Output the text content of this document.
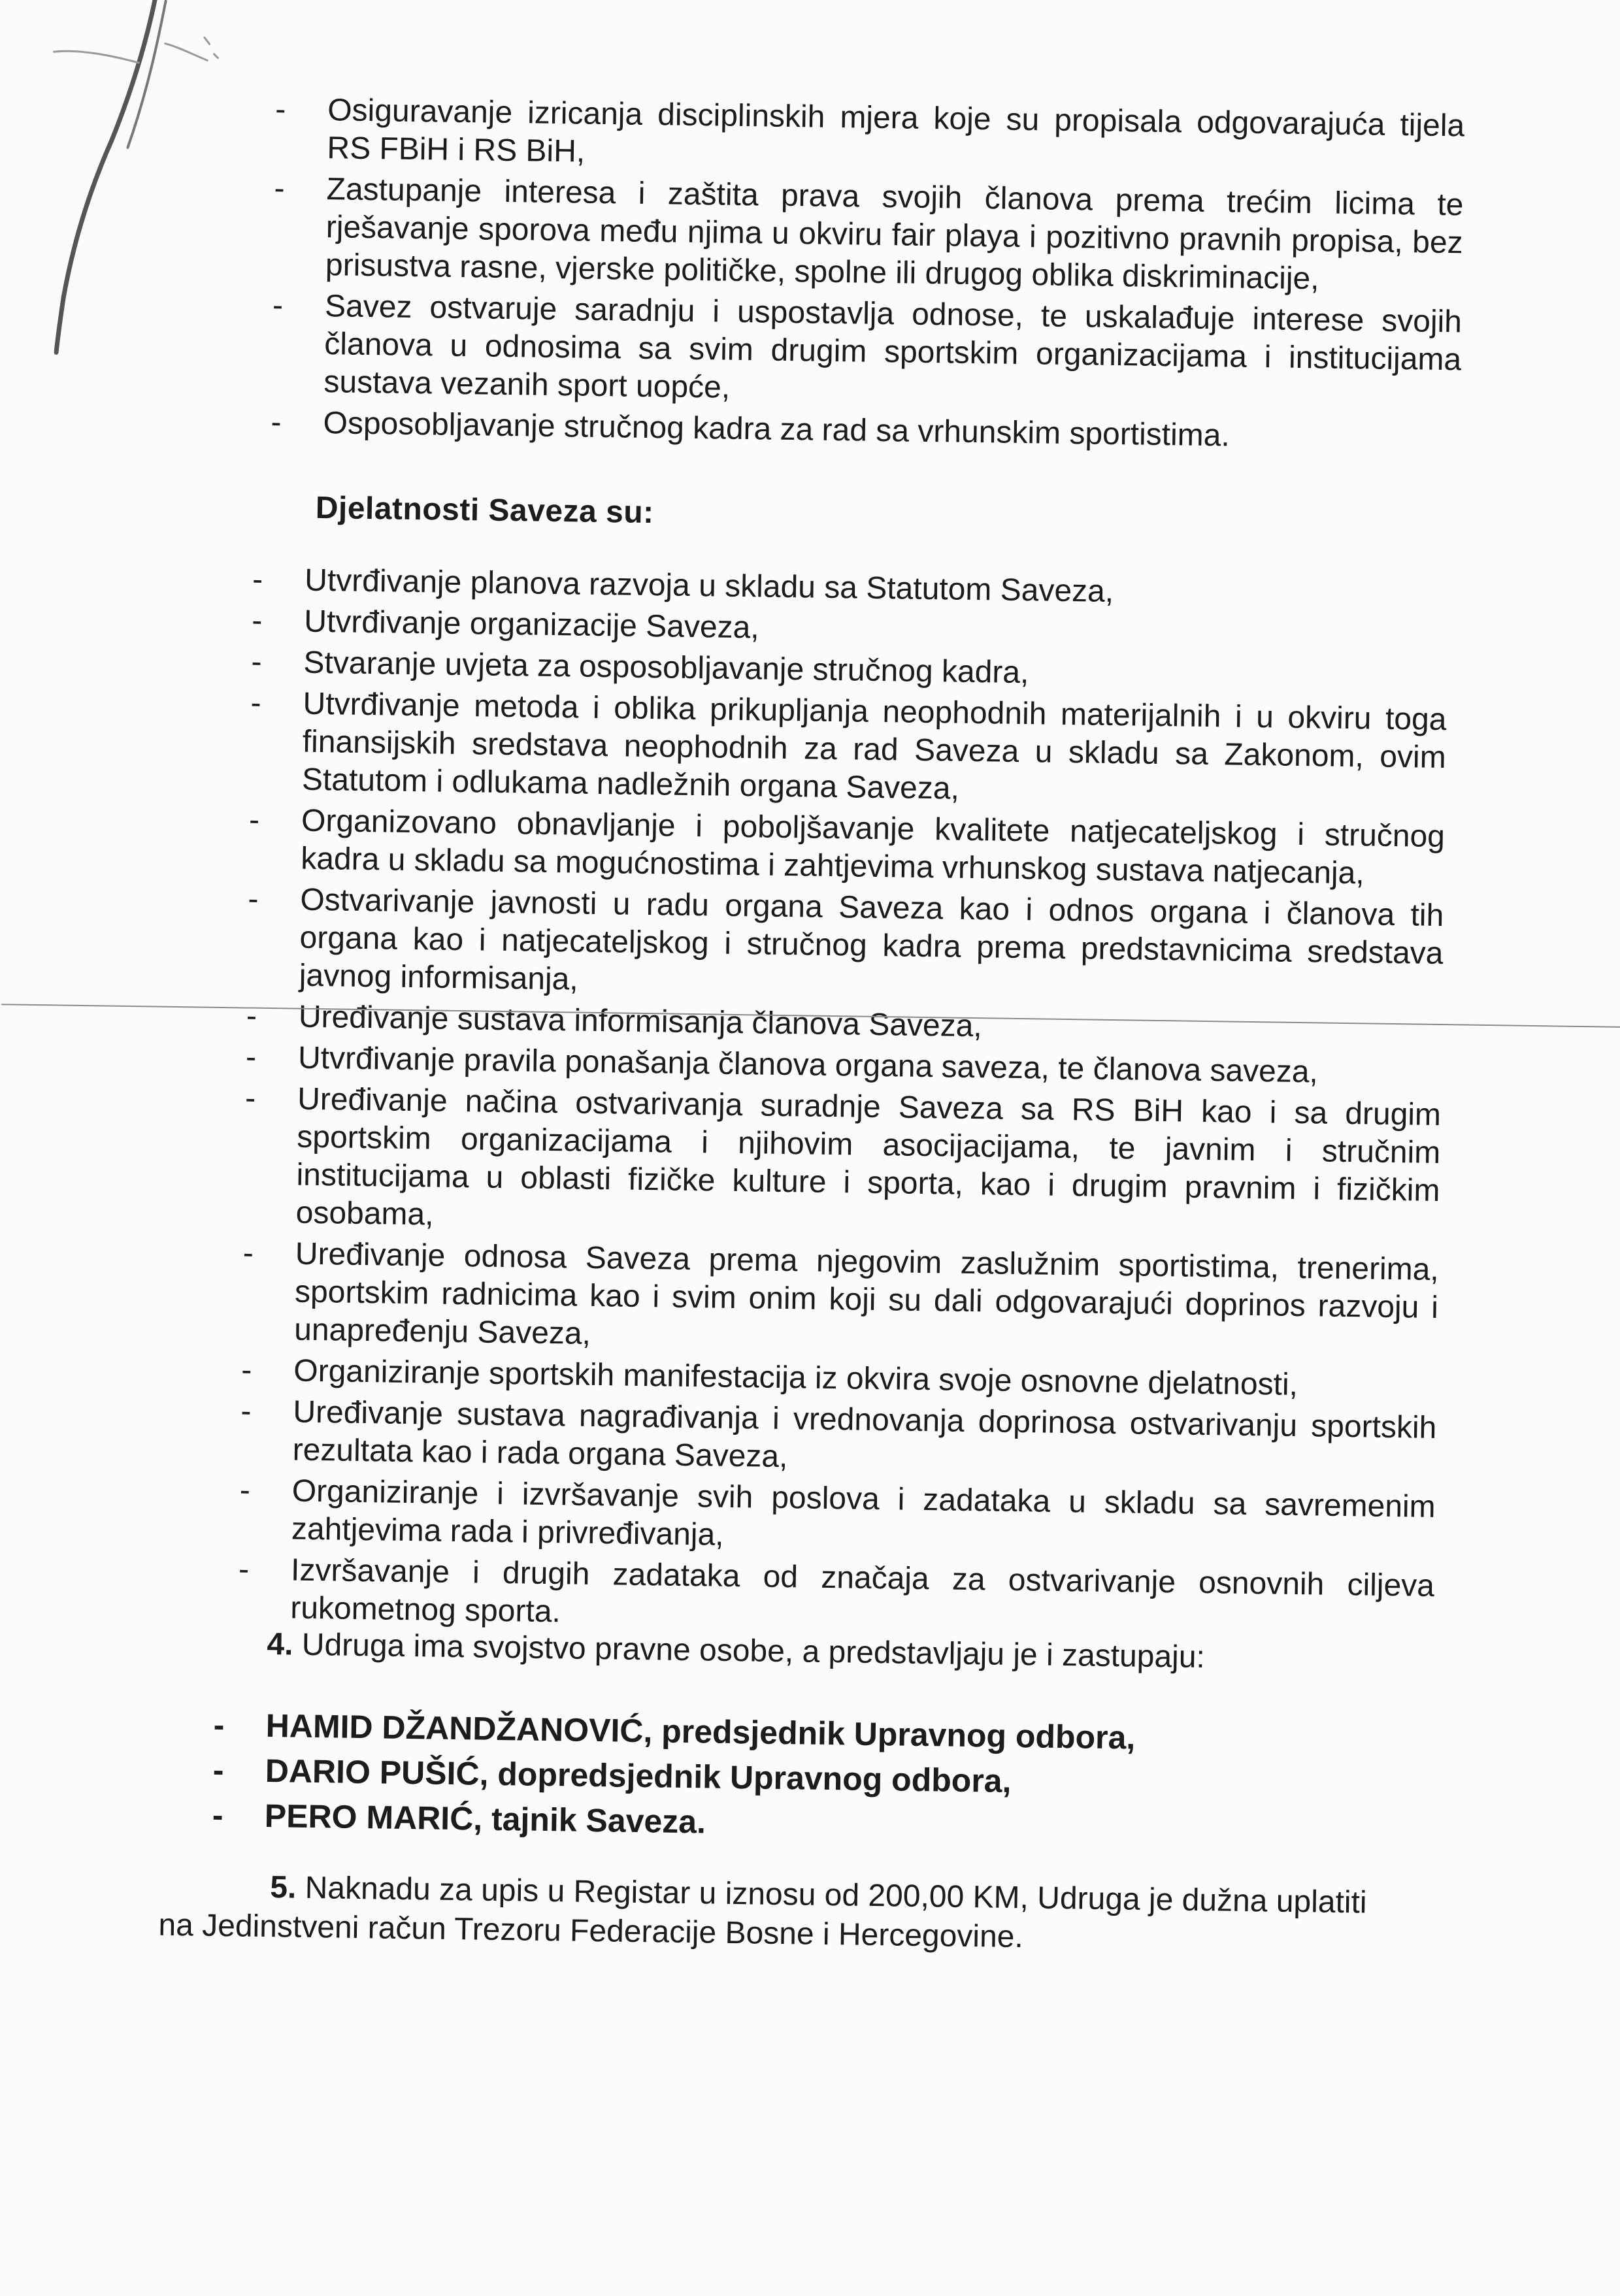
- Osiguravanje izricanja disciplinskih mjera koje su propisala odgovarajuća tijela RS FBiH i RS BiH,
- Zastupanje interesa i zaštita prava svojih članova prema trećim licima te rješavanje sporova među njima u okviru fair playa i pozitivno pravnih propisa, bez prisustva rasne, vjerske političke, spolne ili drugog oblika diskriminacije,
- Savez ostvaruje saradnju i uspostavlja odnose, te uskalađuje interese svojih članova u odnosima sa svim drugim sportskim organizacijama i institucijama sustava vezanih sport uopće,
- Osposobljavanje stručnog kadra za rad sa vrhunskim sportistima.
Djelatnosti Saveza su:
- Utvrđivanje planova razvoja u skladu sa Statutom Saveza,
- Utvrđivanje organizacije Saveza,
- Stvaranje uvjeta za osposobljavanje stručnog kadra,
- Utvrđivanje metoda i oblika prikupljanja neophodnih materijalnih i u okviru toga finansijskih sredstava neophodnih za rad Saveza u skladu sa Zakonom, ovim Statutom i odlukama nadležnih organa Saveza,
- Organizovano obnavljanje i poboljšavanje kvalitete natjecateljskog i stručnog kadra u skladu sa mogućnostima i zahtjevima vrhunskog sustava natjecanja,
- Ostvarivanje javnosti u radu organa Saveza kao i odnos organa i članova tih organa kao i natjecateljskog i stručnog kadra prema predstavnicima sredstava javnog informisanja,
- Uređivanje sustava informisanja članova Saveza,
- Utvrđivanje pravila ponašanja članova organa saveza, te članova saveza,
- Uređivanje načina ostvarivanja suradnje Saveza sa RS BiH kao i sa drugim sportskim organizacijama i njihovim asocijacijama, te javnim i stručnim institucijama u oblasti fizičke kulture i sporta, kao i drugim pravnim i fizičkim osobama,
- Uređivanje odnosa Saveza prema njegovim zaslužnim sportistima, trenerima, sportskim radnicima kao i svim onim koji su dali odgovarajući doprinos razvoju i unapređenju Saveza,
- Organiziranje sportskih manifestacija iz okvira svoje osnovne djelatnosti,
- Uređivanje sustava nagrađivanja i vrednovanja doprinosa ostvarivanju sportskih rezultata kao i rada organa Saveza,
- Organiziranje i izvršavanje svih poslova i zadataka u skladu sa savremenim zahtjevima rada i privređivanja,
- Izvršavanje i drugih zadataka od značaja za ostvarivanje osnovnih ciljeva rukometnog sporta.
4. Udruga ima svojstvo pravne osobe, a predstavljaju je i zastupaju:
- HAMID DŽANDŽANOVIĆ, predsjednik Upravnog odbora,
- DARIO PUŠIĆ, dopredsjednik Upravnog odbora,
- PERO MARIĆ, tajnik Saveza.
5. Naknadu za upis u Registar u iznosu od 200,00 KM, Udruga je dužna uplatiti
na Jedinstveni račun Trezoru Federacije Bosne i Hercegovine.
